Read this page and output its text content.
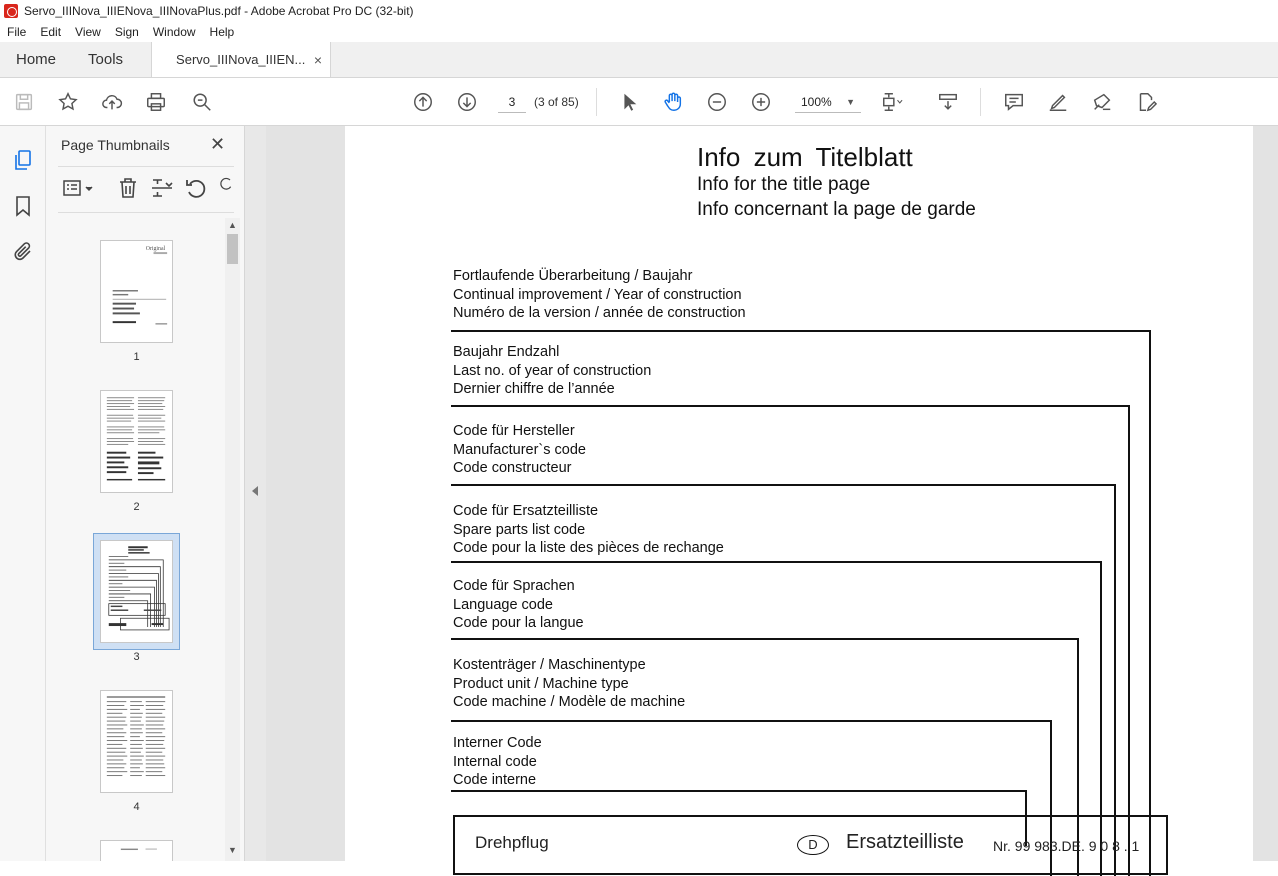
Servo_IIINova_IIIENova_IIINovaPlus.pdf - Adobe Acrobat Pro DC (32-bit)
File	Edit	View	Sign	Window	Help
Home	Tools	Servo_IIINova_IIIEN... ×
3	(3 of 85)	100% ▼
Page Thumbnails ✕
Original
1
2
3
4
▲
▼
Info zum Titelblatt
Info for the title page
Info concernant la page de garde
Fortlaufende Überarbeitung / Baujahr
Continual improvement / Year of construction
Numéro de la version / année de construction
Baujahr Endzahl
Last no. of year of construction
Dernier chiffre de l’année
Code für Hersteller
Manufacturer`s code
Code constructeur
Code für Ersatzteilliste
Spare parts list code
Code pour la liste des pièces de rechange
Code für Sprachen
Language code
Code pour la langue
Kostenträger / Maschinentype
Product unit / Machine type
Code machine / Modèle de machine
Interner Code
Internal code
Code interne
Drehpflug	D	Ersatzteilliste Nr. 99 983.DE. 9 0 8 . 1
